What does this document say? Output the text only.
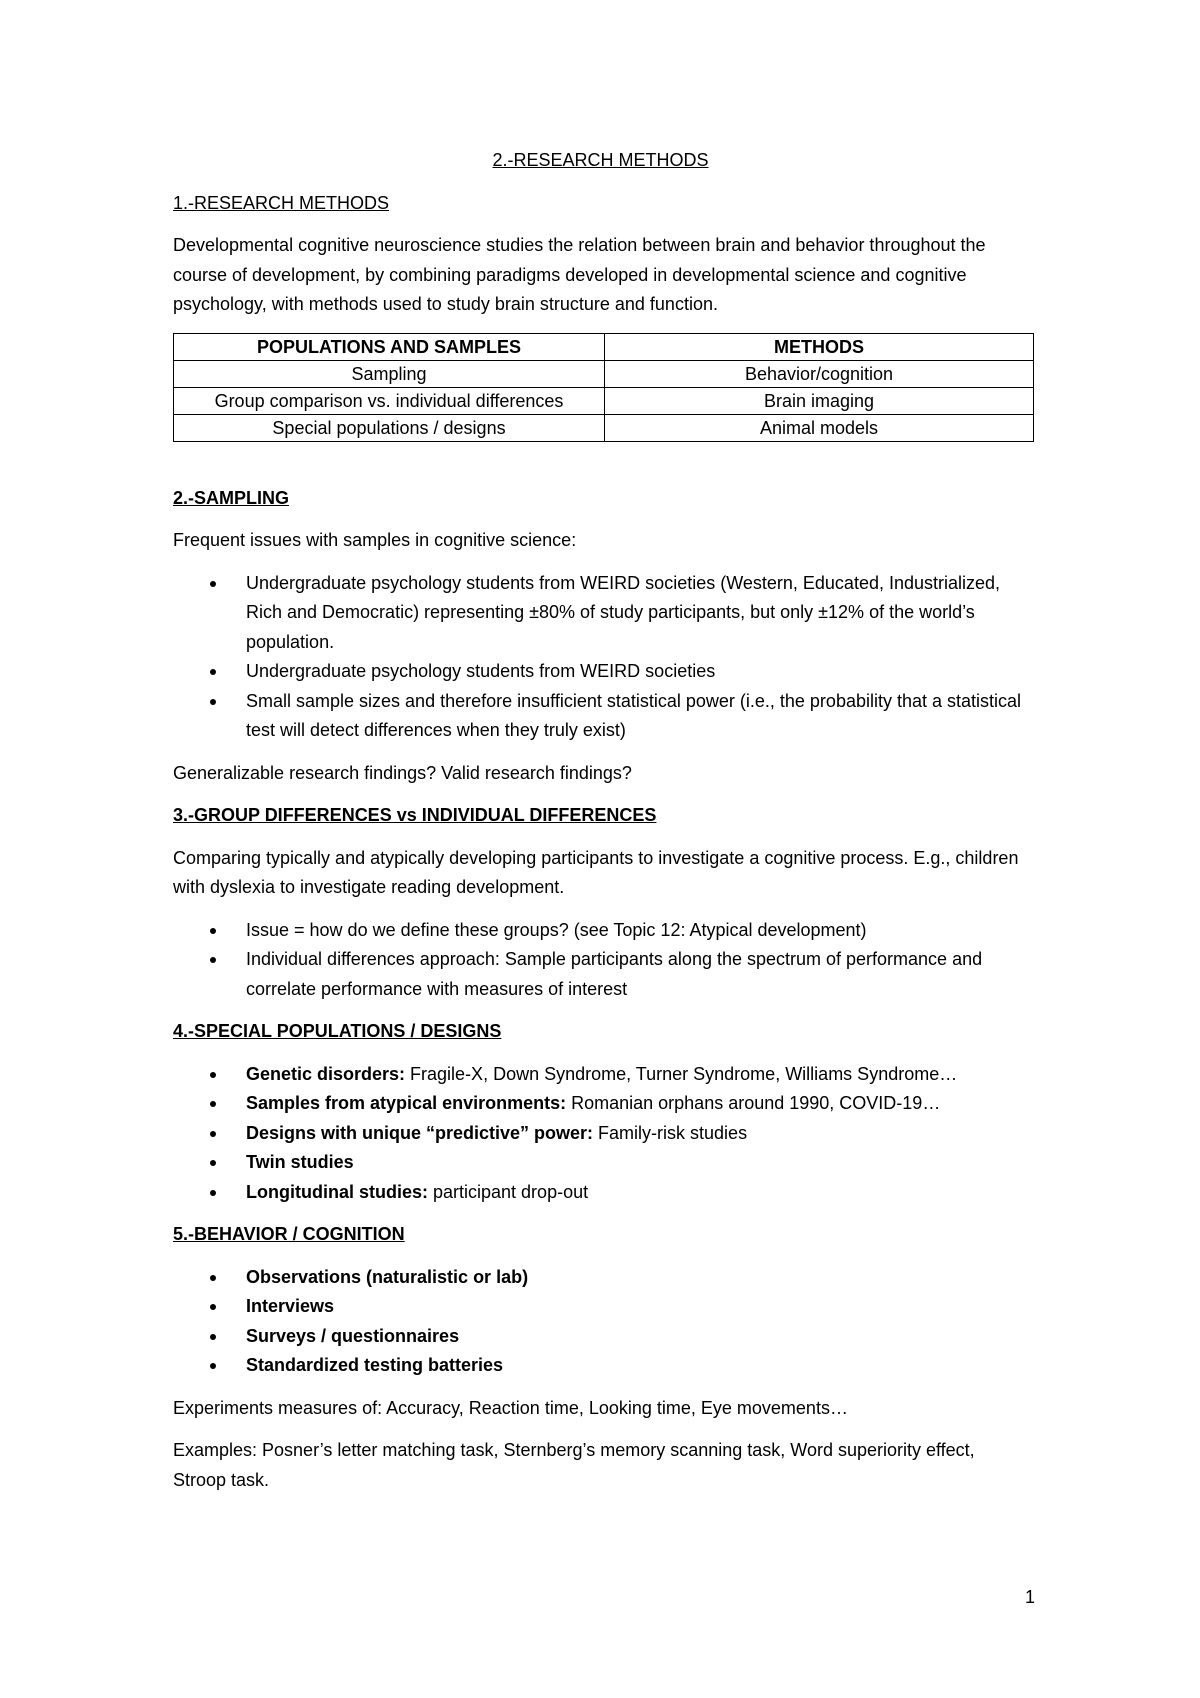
2.-RESEARCH METHODS
1.-RESEARCH METHODS

Developmental cognitive neuroscience studies the relation between brain and behavior throughout the course of development, by combining paradigms developed in developmental science and cognitive psychology, with methods used to study brain structure and function.

POPULATIONS AND SAMPLES	METHODS
Sampling	Behavior/cognition
Group comparison vs. individual differences	Brain imaging
Special populations / designs	Animal models
2.-SAMPLING

Frequent issues with samples in cognitive science:

Undergraduate psychology students from WEIRD societies (Western, Educated, Industrialized, Rich and Democratic) representing ±80% of study participants, but only ±12% of the world’s population.
Undergraduate psychology students from WEIRD societies
Small sample sizes and therefore insufficient statistical power (i.e., the probability that a statistical test will detect differences when they truly exist)

Generalizable research findings? Valid research findings?

3.-GROUP DIFFERENCES vs INDIVIDUAL DIFFERENCES

Comparing typically and atypically developing participants to investigate a cognitive process. E.g., children with dyslexia to investigate reading development.

Issue = how do we define these groups? (see Topic 12: Atypical development)
Individual differences approach: Sample participants along the spectrum of performance and correlate performance with measures of interest
4.-SPECIAL POPULATIONS / DESIGNS
Genetic disorders: Fragile-X, Down Syndrome, Turner Syndrome, Williams Syndrome…
Samples from atypical environments: Romanian orphans around 1990, COVID-19…
Designs with unique “predictive” power: Family-risk studies
Twin studies
Longitudinal studies: participant drop-out
5.-BEHAVIOR / COGNITION
Observations (naturalistic or lab)
Interviews
Surveys / questionnaires
Standardized testing batteries

Experiments measures of: Accuracy, Reaction time, Looking time, Eye movements…

Examples: Posner’s letter matching task, Sternberg’s memory scanning task, Word superiority effect, Stroop task.

1
